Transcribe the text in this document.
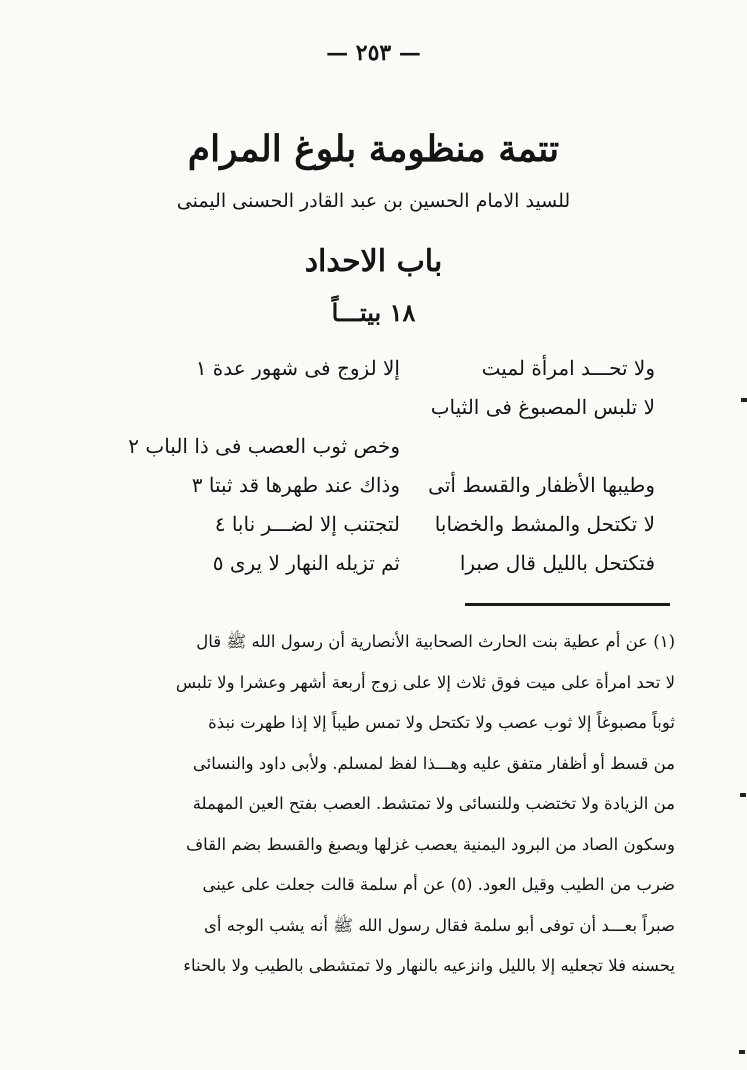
— ٢٥٣ —
تتمة منظومة بلوغ المرام
للسيد الامام الحسين بن عبد القادر الحسنى اليمنى
باب الاحداد
١٨ بيتـــاً
ولا تحـــد امرأة لميت
إلا لزوج فى شهور عدة ١
لا تلبس المصبوغ فى الثياب
وخص ثوب العصب فى ذا الباب ٢
وطيبها الأظفار والقسط أتى
وذاك عند طهرها قد ثبتا ٣
لا تكتحل والمشط والخضابا
لتجتنب إلا لضـــر نابا ٤
فتكتحل بالليل قال صبرا
ثم تزيله النهار لا يرى ٥

(١) عن أم عطية بنت الحارث الصحابية الأنصارية أن رسول الله ﷺ قال

لا تحد امرأة على ميت فوق ثلاث إلا على زوج أربعة أشهر وعشرا ولا تلبس

ثوباً مصبوغاً إلا ثوب عصب ولا تكتحل ولا تمس طيباً إلا إذا طهرت نبذة

من قسط أو أظفار متفق عليه وهـــذا لفظ لمسلم. ولأبى داود والنسائى

من الزيادة ولا تختضب وللنسائى ولا تمتشط. العصب بفتح العين المهملة

وسكون الصاد من البرود اليمنية يعصب غزلها ويصبغ والقسط بضم القاف

ضرب من الطيب وقيل العود. (٥) عن أم سلمة قالت جعلت على عينى

صبراً بعـــد أن توفى أبو سلمة فقال رسول الله ﷺ أنه يشب الوجه أى

يحسنه فلا تجعليه إلا بالليل وانزعيه بالنهار ولا تمتشطى بالطيب ولا بالحناء
